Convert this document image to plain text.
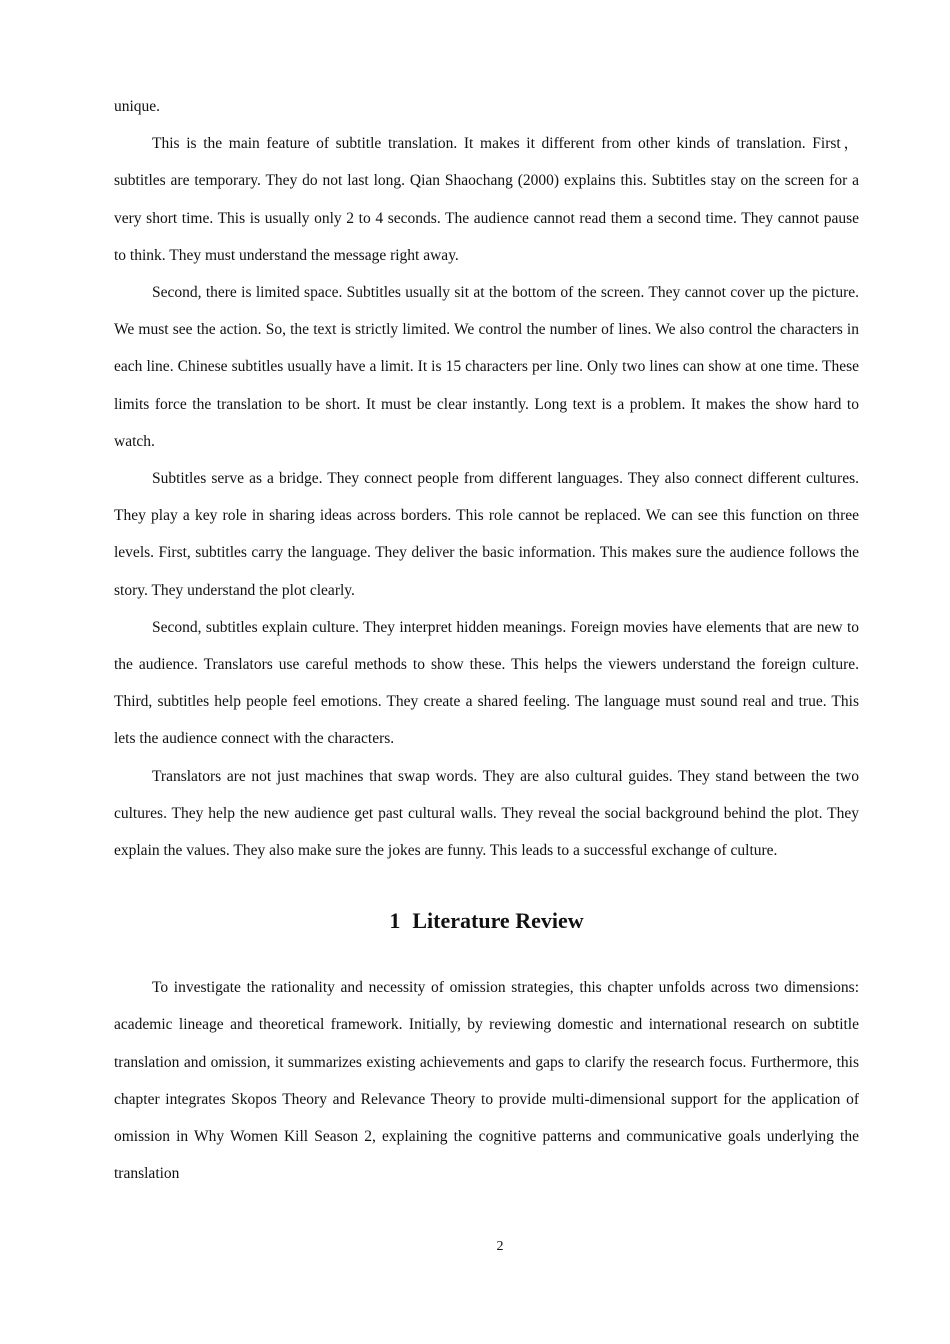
unique.

This is the main feature of subtitle translation. It makes it different from other kinds of translation. First，subtitles are temporary. They do not last long. Qian Shaochang (2000) explains this. Subtitles stay on the screen for a very short time. This is usually only 2 to 4 seconds. The audience cannot read them a second time. They cannot pause to think. They must understand the message right away.

Second, there is limited space. Subtitles usually sit at the bottom of the screen. They cannot cover up the picture. We must see the action. So, the text is strictly limited. We control the number of lines. We also control the characters in each line. Chinese subtitles usually have a limit. It is 15 characters per line. Only two lines can show at one time. These limits force the translation to be short. It must be clear instantly. Long text is a problem. It makes the show hard to watch.

Subtitles serve as a bridge. They connect people from different languages. They also connect different cultures. They play a key role in sharing ideas across borders. This role cannot be replaced. We can see this function on three levels. First, subtitles carry the language. They deliver the basic information. This makes sure the audience follows the story. They understand the plot clearly.

Second, subtitles explain culture. They interpret hidden meanings. Foreign movies have elements that are new to the audience. Translators use careful methods to show these. This helps the viewers understand the foreign culture. Third, subtitles help people feel emotions. They create a shared feeling. The language must sound real and true. This lets the audience connect with the characters.

Translators are not just machines that swap words. They are also cultural guides. They stand between the two cultures. They help the new audience get past cultural walls. They reveal the social background behind the plot. They explain the values. They also make sure the jokes are funny. This leads to a successful exchange of culture.

1 Literature Review

To investigate the rationality and necessity of omission strategies, this chapter unfolds across two dimensions: academic lineage and theoretical framework. Initially, by reviewing domestic and international research on subtitle translation and omission, it summarizes existing achievements and gaps to clarify the research focus. Furthermore, this chapter integrates Skopos Theory and Relevance Theory to provide multi-dimensional support for the application of omission in Why Women Kill Season 2, explaining the cognitive patterns and communicative goals underlying the translation

2
